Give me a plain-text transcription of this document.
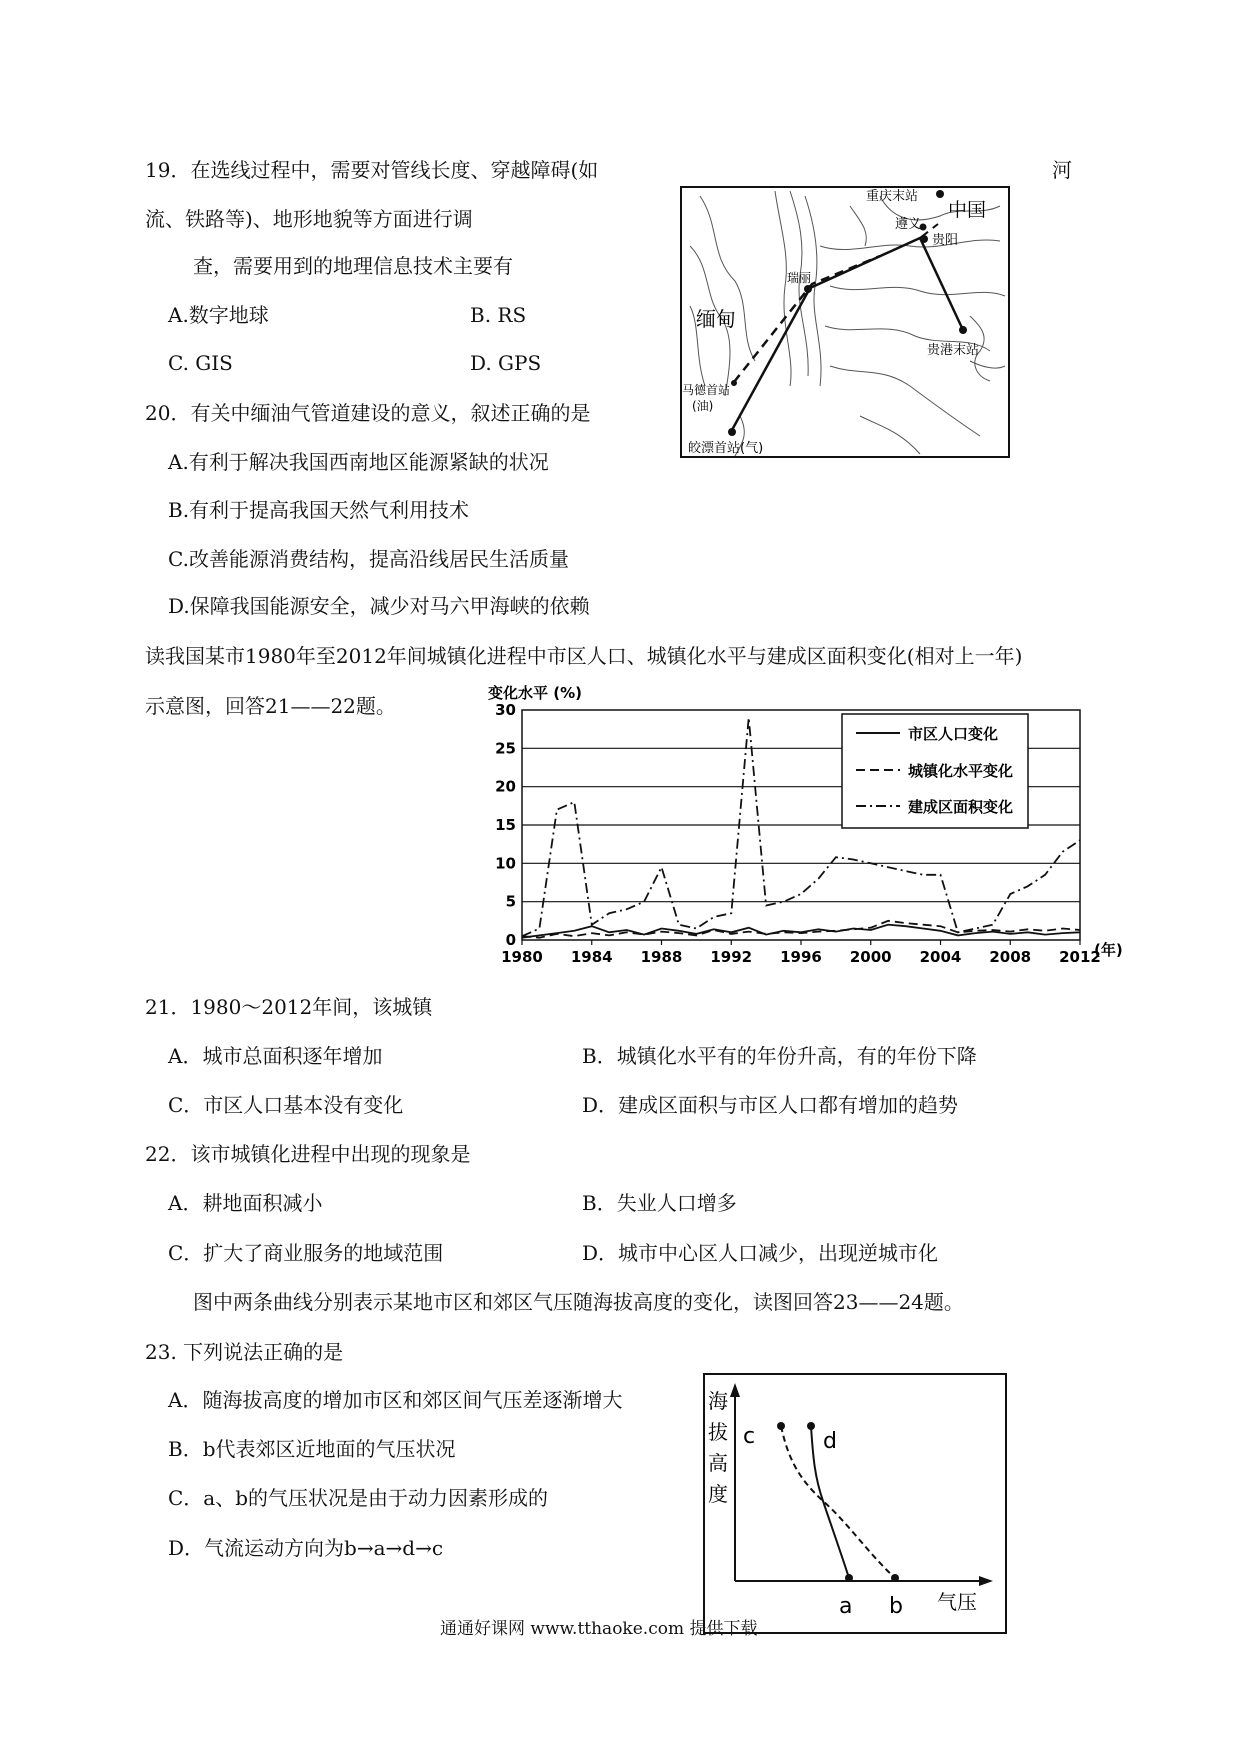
19．在选线过程中，需要对管线长度、穿越障碍(如	河
流、铁路等)、地形地貌等方面进行调
查，需要用到的地理信息技术主要有
A.数字地球	B. RS
C. GIS	D. GPS
重庆末站
中国
遵义
贵阳
瑞丽
缅甸
贵港末站
马德首站
(油)
皎漂首站(气)
20．有关中缅油气管道建设的意义，叙述正确的是
A.有利于解决我国西南地区能源紧缺的状况
B.有利于提高我国天然气利用技术
C.改善能源消费结构，提高沿线居民生活质量
D.保障我国能源安全，减少对马六甲海峡的依赖
读我国某市1980年至2012年间城镇化进程中市区人口、城镇化水平与建成区面积变化(相对上一年)
示意图，回答21——22题。
变化水平 (%)
0
5
10
15
20
25
30
1980 1984 1988 1992 1996 2000 2004 2008 2012
(年)
市区人口变化
城镇化水平变化
建成区面积变化
21．1980～2012年间，该城镇
A．城市总面积逐年增加	B．城镇化水平有的年份升高，有的年份下降
C．市区人口基本没有变化	D．建成区面积与市区人口都有增加的趋势
22．该市城镇化进程中出现的现象是
A．耕地面积减小	B．失业人口增多
C．扩大了商业服务的地域范围	D．城市中心区人口减少，出现逆城市化
图中两条曲线分别表示某地市区和郊区气压随海拔高度的变化，读图回答23——24题。
23. 下列说法正确的是
A．随海拔高度的增加市区和郊区间气压差逐渐增大
B．b代表郊区近地面的气压状况
C．a、b的气压状况是由于动力因素形成的
D．气流运动方向为b→a→d→c
海
拔
高
度
c	d
a b 气压
通通好课网 www.tthaoke.com 提供下载
